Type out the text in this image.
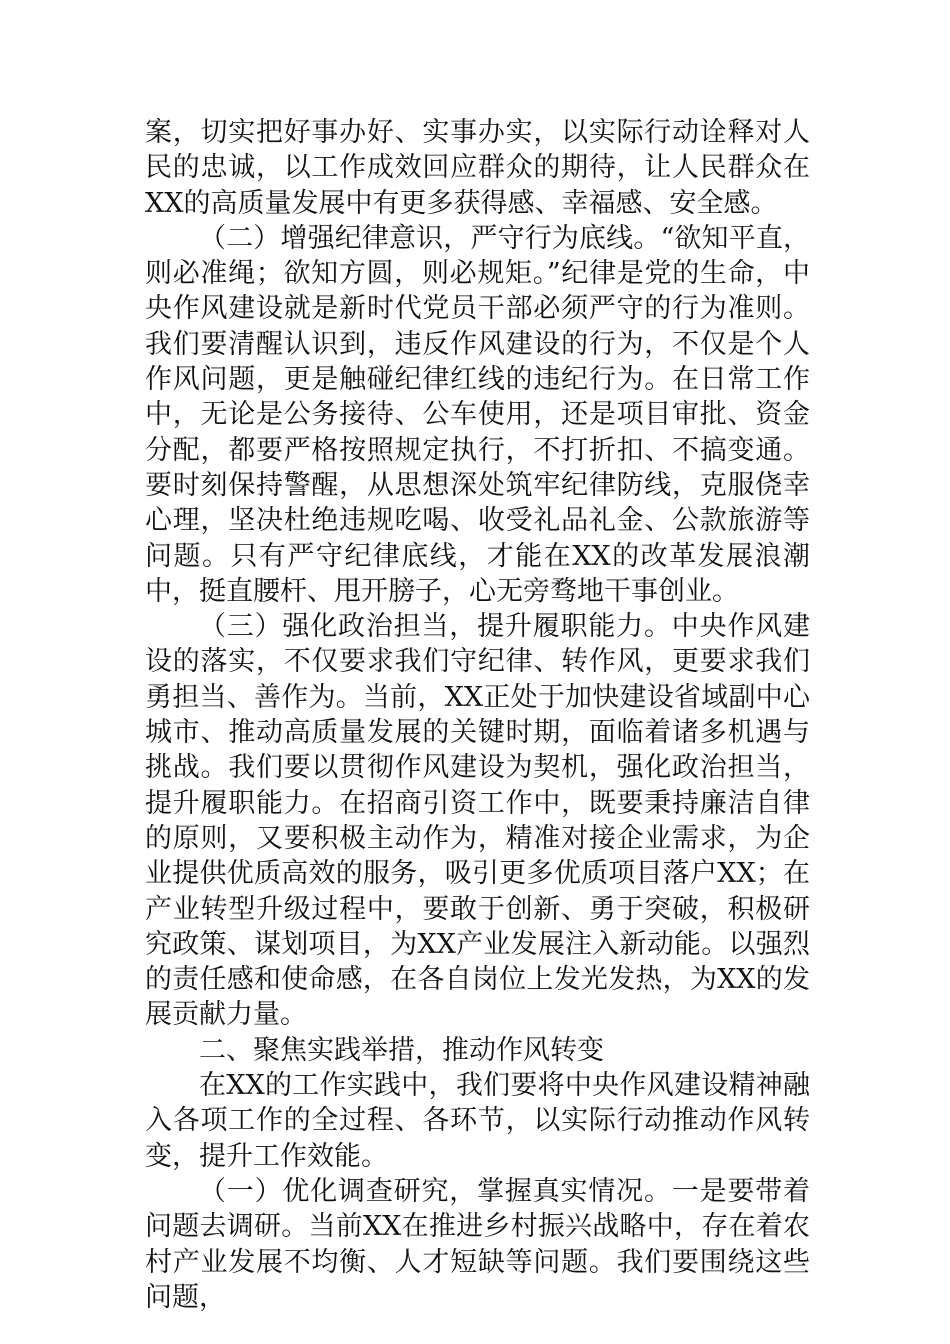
案，切实把好事办好、实事办实，以实际行动诠释对人民的忠诚，以工作成效回应群众的期待，让人民群众在XX的高质量发展中有更多获得感、幸福感、安全感。

（二）增强纪律意识，严守行为底线。“欲知平直，则必准绳；欲知方圆，则必规矩。”纪律是党的生命，中央作风建设就是新时代党员干部必须严守的行为准则。我们要清醒认识到，违反作风建设的行为，不仅是个人作风问题，更是触碰纪律红线的违纪行为。在日常工作中，无论是公务接待、公车使用，还是项目审批、资金分配，都要严格按照规定执行，不打折扣、不搞变通。要时刻保持警醒，从思想深处筑牢纪律防线，克服侥幸心理，坚决杜绝违规吃喝、收受礼品礼金、公款旅游等问题。只有严守纪律底线，才能在XX的改革发展浪潮中，挺直腰杆、甩开膀子，心无旁骛地干事创业。

（三）强化政治担当，提升履职能力。中央作风建设的落实，不仅要求我们守纪律、转作风，更要求我们勇担当、善作为。当前，XX正处于加快建设省域副中心城市、推动高质量发展的关键时期，面临着诸多机遇与挑战。我们要以贯彻作风建设为契机，强化政治担当，提升履职能力。在招商引资工作中，既要秉持廉洁自律的原则，又要积极主动作为，精准对接企业需求，为企业提供优质高效的服务，吸引更多优质项目落户XX；在产业转型升级过程中，要敢于创新、勇于突破，积极研究政策、谋划项目，为XX产业发展注入新动能。以强烈的责任感和使命感，在各自岗位上发光发热，为XX的发展贡献力量。

二、聚焦实践举措，推动作风转变

在XX的工作实践中，我们要将中央作风建设精神融入各项工作的全过程、各环节，以实际行动推动作风转变，提升工作效能。

（一）优化调查研究，掌握真实情况。一是要带着问题去调研。当前XX在推进乡村振兴战略中，存在着农村产业发展不均衡、人才短缺等问题。我们要围绕这些问题，
